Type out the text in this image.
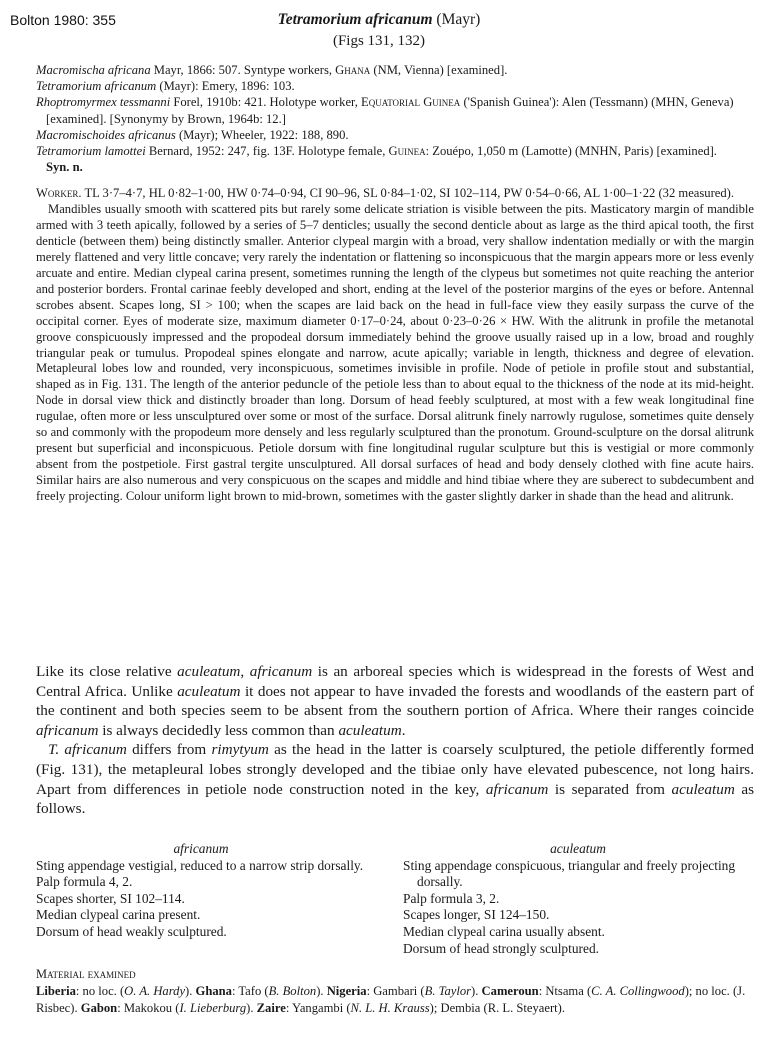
Bolton 1980: 355	Tetramorium africanum (Mayr)
(Figs 131, 132)

Macromischa africana Mayr, 1866: 507. Syntype workers, Ghana (NM, Vienna) [examined].

Tetramorium africanum (Mayr): Emery, 1896: 103.

Rhoptromyrmex tessmanni Forel, 1910b: 421. Holotype worker, Equatorial Guinea ('Spanish Guinea'): Alen (Tessmann) (MHN, Geneva) [examined]. [Synonymy by Brown, 1964b: 12.]

Macromischoides africanus (Mayr); Wheeler, 1922: 188, 890.

Tetramorium lamottei Bernard, 1952: 247, fig. 13F. Holotype female, Guinea: Zouépo, 1,050 m (Lamotte) (MNHN, Paris) [examined]. Syn. n.

Worker. TL 3·7–4·7, HL 0·82–1·00, HW 0·74–0·94, CI 90–96, SL 0·84–1·02, SI 102–114, PW 0·54–0·66, AL 1·00–1·22 (32 measured).

Mandibles usually smooth with scattered pits but rarely some delicate striation is visible between the pits. Masticatory margin of mandible armed with 3 teeth apically, followed by a series of 5–7 denticles; usually the second denticle about as large as the third apical tooth, the first denticle (between them) being distinctly smaller. Anterior clypeal margin with a broad, very shallow indentation medially or with the margin merely flattened and very little concave; very rarely the indentation or flattening so inconspicuous that the margin appears more or less evenly arcuate and entire. Median clypeal carina present, sometimes running the length of the clypeus but sometimes not quite reaching the anterior and posterior borders. Frontal carinae feebly developed and short, ending at the level of the posterior margins of the eyes or before. Antennal scrobes absent. Scapes long, SI > 100; when the scapes are laid back on the head in full-face view they easily surpass the curve of the occipital corner. Eyes of moderate size, maximum diameter 0·17–0·24, about 0·23–0·26 × HW. With the alitrunk in profile the metanotal groove conspicuously impressed and the propodeal dorsum immediately behind the groove usually raised up in a low, broad and roughly triangular peak or tumulus. Propodeal spines elongate and narrow, acute apically; variable in length, thickness and degree of elevation. Metapleural lobes low and rounded, very inconspicuous, sometimes invisible in profile. Node of petiole in profile stout and substantial, shaped as in Fig. 131. The length of the anterior peduncle of the petiole less than to about equal to the thickness of the node at its mid-height. Node in dorsal view thick and distinctly broader than long. Dorsum of head feebly sculptured, at most with a few weak longitudinal fine rugulae, often more or less unsculptured over some or most of the surface. Dorsal alitrunk finely narrowly rugulose, sometimes quite densely so and commonly with the propodeum more densely and less regularly sculptured than the pronotum. Ground-sculpture on the dorsal alitrunk present but superficial and inconspicuous. Petiole dorsum with fine longitudinal rugular sculpture but this is vestigial or more commonly absent from the postpetiole. First gastral tergite unsculptured. All dorsal surfaces of head and body densely clothed with fine acute hairs. Similar hairs are also numerous and very conspicuous on the scapes and middle and hind tibiae where they are suberect to subdecumbent and freely projecting. Colour uniform light brown to mid-brown, sometimes with the gaster slightly darker in shade than the head and alitrunk.

Like its close relative aculeatum, africanum is an arboreal species which is widespread in the forests of West and Central Africa. Unlike aculeatum it does not appear to have invaded the forests and woodlands of the eastern part of the continent and both species seem to be absent from the southern portion of Africa. Where their ranges coincide africanum is always decidedly less common than aculeatum.

T. africanum differs from rimytyum as the head in the latter is coarsely sculptured, the petiole differently formed (Fig. 131), the metapleural lobes strongly developed and the tibiae only have elevated pubescence, not long hairs. Apart from differences in petiole node construction noted in the key, africanum is separated from aculeatum as follows.

africanum

Sting appendage vestigial, reduced to a narrow strip dorsally.

Palp formula 4, 2.

Scapes shorter, SI 102–114.

Median clypeal carina present.

Dorsum of head weakly sculptured.

aculeatum

Sting appendage conspicuous, triangular and freely projecting dorsally.

Palp formula 3, 2.

Scapes longer, SI 124–150.

Median clypeal carina usually absent.

Dorsum of head strongly sculptured.

Material examined

Liberia: no loc. (O. A. Hardy). Ghana: Tafo (B. Bolton). Nigeria: Gambari (B. Taylor). Cameroun: Ntsama (C. A. Collingwood); no loc. (J. Risbec). Gabon: Makokou (I. Lieberburg). Zaire: Yangambi (N. L. H. Krauss); Dembia (R. L. Steyaert).
